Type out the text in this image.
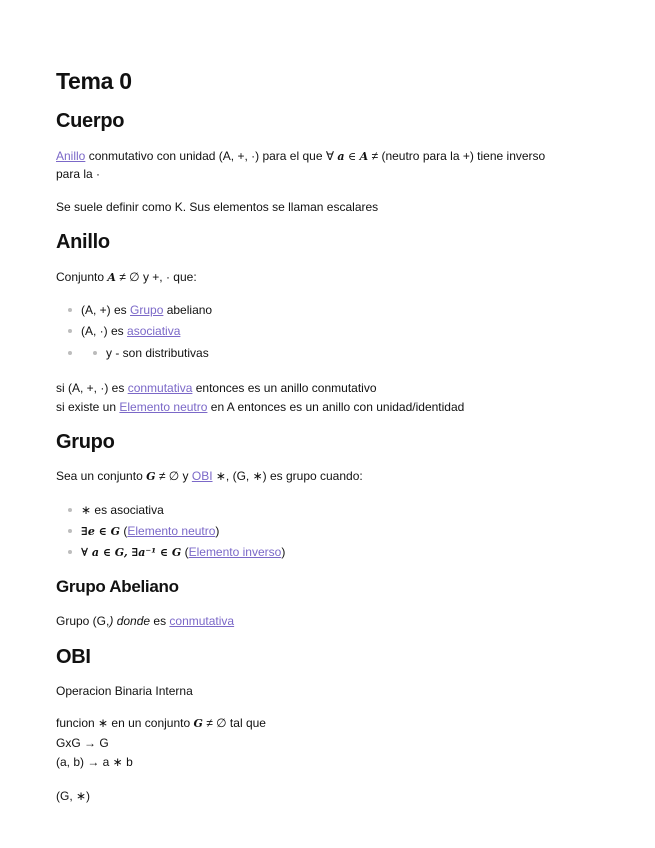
Tema 0
Cuerpo

Anillo conmutativo con unidad (A, +, ·) para el que ∀ a ∈ A ≠ (neutro para la +) tiene inverso

para la ·

Se suele definir como K. Sus elementos se llaman escalares

Anillo

Conjunto A ≠ ∅ y +, · que:

(A, +) es Grupo abeliano

(A, ·) es asociativa

y - son distributivas

si (A, +, ·) es conmutativa entonces es un anillo conmutativo

si existe un Elemento neutro en A entonces es un anillo con unidad/identidad

Grupo

Sea un conjunto G ≠ ∅ y OBI ∗, (G, ∗) es grupo cuando:

∗ es asociativa

∃e ∈ G (Elemento neutro)

∀ a ∈ G, ∃a⁻¹ ∈ G (Elemento inverso)

Grupo Abeliano

Grupo (G,) donde es conmutativa

OBI

Operacion Binaria Interna

funcion ∗ en un conjunto G ≠ ∅ tal que

GxG → G

(a, b) → a ∗ b

(G, ∗)
